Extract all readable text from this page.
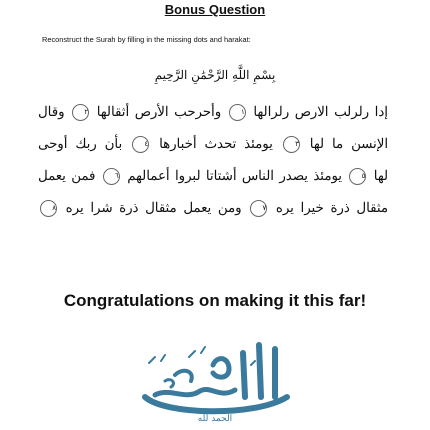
Bonus Question
Reconstruct the Surah by filling in the missing dots and harakat:
بِسْمِ اللَّهِ الرَّحْمَٰنِ الرَّحِيمِ
إدا رلرلب الارص رلرالها ١ وأحرحب الأرص أثقالها ٢ وقال
الإنسن ما لها ٣ يومئذ تحدث أخبارها ٤ بأن ربك أوحى
لها ٥ يومئذ يصدر الناس أشتاتا لبروا أعمالهم ٦ فمن يعمل
مثقال ذرة خيرا يره ٧ ومن يعمل مثقال ذرة شرا يره ٨
Congratulations on making it this far!
الحمد لله
